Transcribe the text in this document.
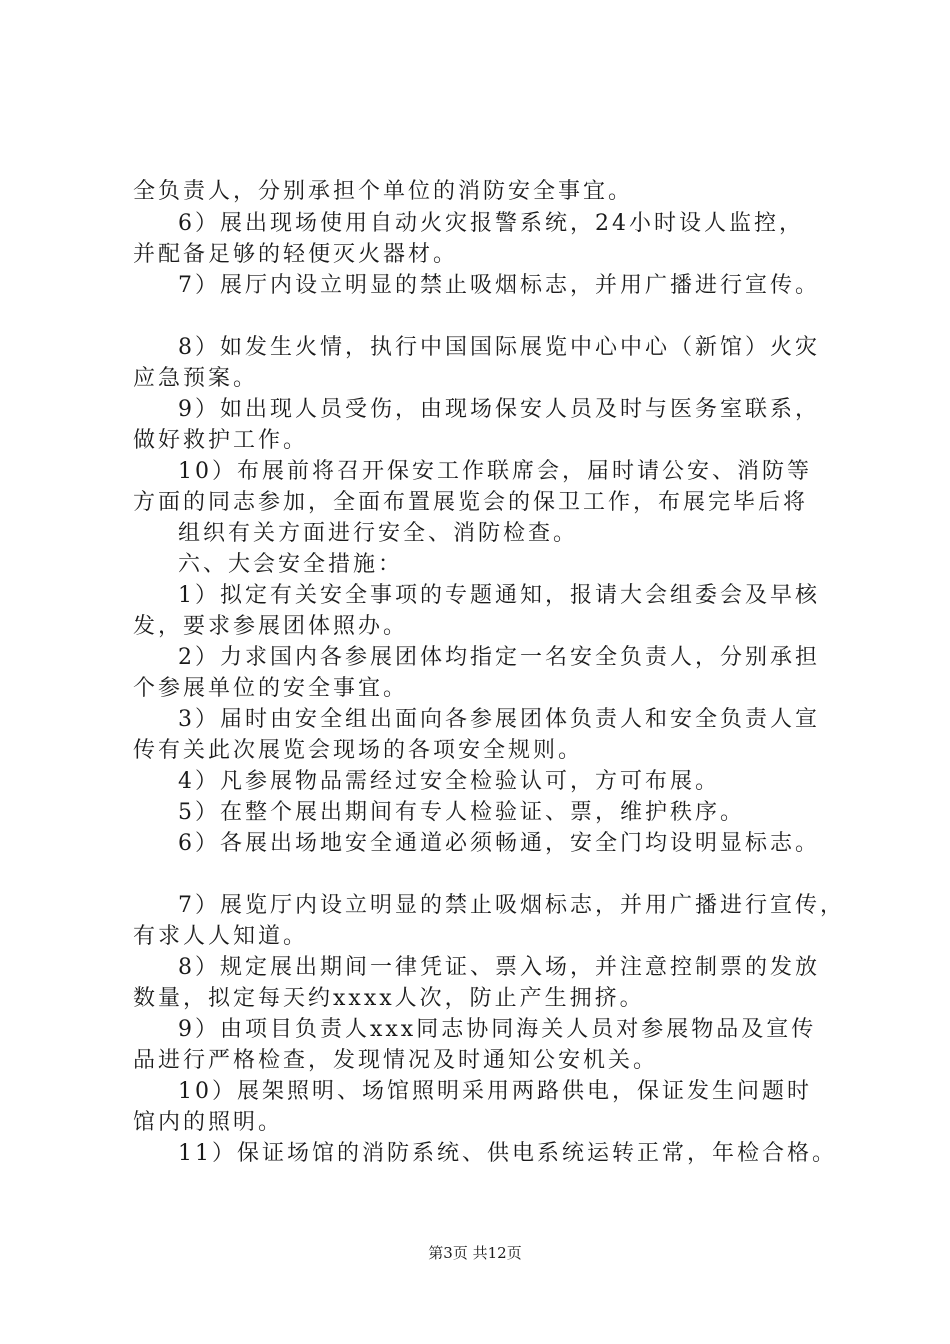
全负责人，分别承担个单位的消防安全事宜。
6）展出现场使用自动火灾报警系统，24小时设人监控，
并配备足够的轻便灭火器材。
7）展厅内设立明显的禁止吸烟标志，并用广播进行宣传。
8）如发生火情，执行中国国际展览中心中心（新馆）火灾
应急预案。
9）如出现人员受伤，由现场保安人员及时与医务室联系，
做好救护工作。
10）布展前将召开保安工作联席会，届时请公安、消防等
方面的同志参加，全面布置展览会的保卫工作，布展完毕后将
组织有关方面进行安全、消防检查。
六、大会安全措施：
1）拟定有关安全事项的专题通知，报请大会组委会及早核
发，要求参展团体照办。
2）力求国内各参展团体均指定一名安全负责人，分别承担
个参展单位的安全事宜。
3）届时由安全组出面向各参展团体负责人和安全负责人宣
传有关此次展览会现场的各项安全规则。
4）凡参展物品需经过安全检验认可，方可布展。
5）在整个展出期间有专人检验证、票，维护秩序。
6）各展出场地安全通道必须畅通，安全门均设明显标志。
7）展览厅内设立明显的禁止吸烟标志，并用广播进行宣传，
有求人人知道。
8）规定展出期间一律凭证、票入场，并注意控制票的发放
数量，拟定每天约xxxx人次，防止产生拥挤。
9）由项目负责人xxx同志协同海关人员对参展物品及宣传
品进行严格检查，发现情况及时通知公安机关。
10）展架照明、场馆照明采用两路供电，保证发生问题时
馆内的照明。
11）保证场馆的消防系统、供电系统运转正常，年检合格。
第3页 共12页
